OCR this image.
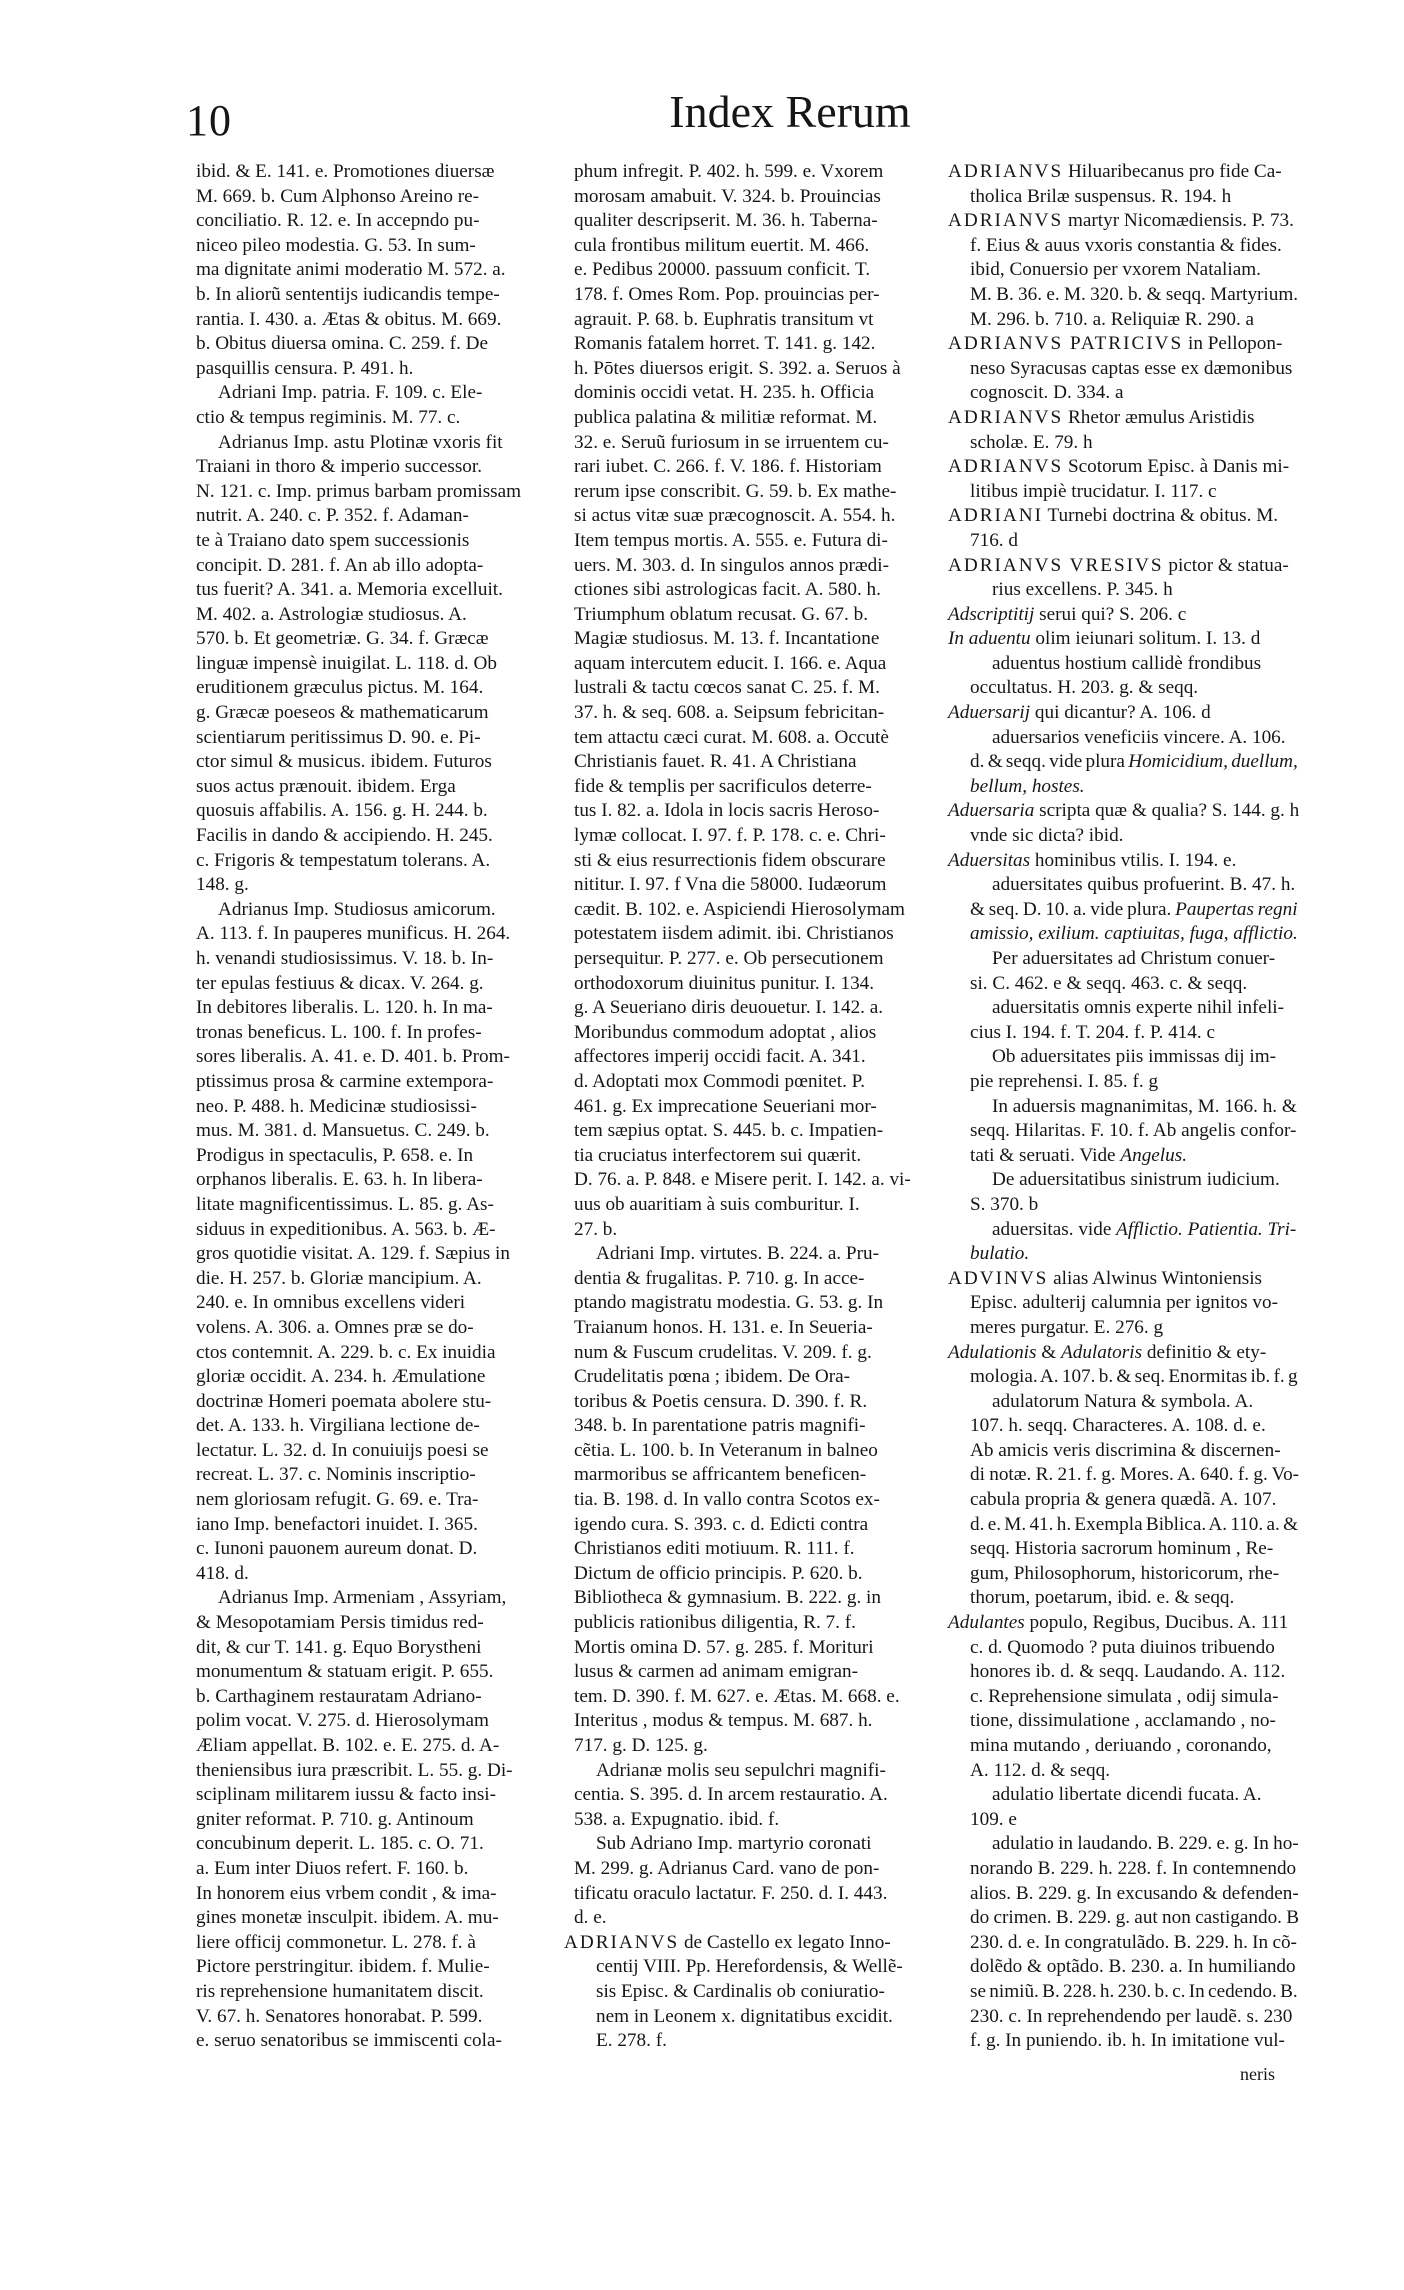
10	Index Rerum
ibid. & E. 141. e. Promotiones diuersæ
M. 669. b. Cum Alphonso Areino re-
conciliatio. R. 12. e. In accepndo pu-
niceo pileo modestia. G. 53. In sum-
ma dignitate animi moderatio M. 572. a.
b. In aliorũ sententijs iudicandis tempe-
rantia. I. 430. a. Ætas & obitus. M. 669.
b. Obitus diuersa omina. C. 259. f. De
pasquillis censura. P. 491. h.
Adriani Imp. patria. F. 109. c. Ele-
ctio & tempus regiminis. M. 77. c.
Adrianus Imp. astu Plotinæ vxoris fit
Traiani in thoro & imperio successor.
N. 121. c. Imp. primus barbam promissam
nutrit. A. 240. c. P. 352. f. Adaman-
te à Traiano dato spem successionis
concipit. D. 281. f. An ab illo adopta-
tus fuerit? A. 341. a. Memoria excelluit.
M. 402. a. Astrologiæ studiosus. A.
570. b. Et geometriæ. G. 34. f. Græcæ
linguæ impensè inuigilat. L. 118. d. Ob
eruditionem græculus pictus. M. 164.
g. Græcæ poeseos & mathematicarum
scientiarum peritissimus D. 90. e. Pi-
ctor simul & musicus. ibidem. Futuros
suos actus prænouit. ibidem. Erga
quosuis affabilis. A. 156. g. H. 244. b.
Facilis in dando & accipiendo. H. 245.
c. Frigoris & tempestatum tolerans. A.
148. g.
Adrianus Imp. Studiosus amicorum.
A. 113. f. In pauperes munificus. H. 264.
h. venandi studiosissimus. V. 18. b. In-
ter epulas festiuus & dicax. V. 264. g.
In debitores liberalis. L. 120. h. In ma-
tronas beneficus. L. 100. f. In profes-
sores liberalis. A. 41. e. D. 401. b. Prom-
ptissimus prosa & carmine extempora-
neo. P. 488. h. Medicinæ studiosissi-
mus. M. 381. d. Mansuetus. C. 249. b.
Prodigus in spectaculis, P. 658. e. In
orphanos liberalis. E. 63. h. In libera-
litate magnificentissimus. L. 85. g. As-
siduus in expeditionibus. A. 563. b. Æ-
gros quotidie visitat. A. 129. f. Sæpius in
die. H. 257. b. Gloriæ mancipium. A.
240. e. In omnibus excellens videri
volens. A. 306. a. Omnes præ se do-
ctos contemnit. A. 229. b. c. Ex inuidia
gloriæ occidit. A. 234. h. Æmulatione
doctrinæ Homeri poemata abolere stu-
det. A. 133. h. Virgiliana lectione de-
lectatur. L. 32. d. In conuiuijs poesi se
recreat. L. 37. c. Nominis inscriptio-
nem gloriosam refugit. G. 69. e. Tra-
iano Imp. benefactori inuidet. I. 365.
c. Iunoni pauonem aureum donat. D.
418. d.
Adrianus Imp. Armeniam , Assyriam,
& Mesopotamiam Persis timidus red-
dit, & cur T. 141. g. Equo Borystheni
monumentum & statuam erigit. P. 655.
b. Carthaginem restauratam Adriano-
polim vocat. V. 275. d. Hierosolymam
Æliam appellat. B. 102. e. E. 275. d. A-
theniensibus iura præscribit. L. 55. g. Di-
sciplinam militarem iussu & facto insi-
gniter reformat. P. 710. g. Antinoum
concubinum deperit. L. 185. c. O. 71.
a. Eum inter Diuos refert. F. 160. b.
In honorem eius vrbem condit , & ima-
gines monetæ insculpit. ibidem. A. mu-
liere officij commonetur. L. 278. f. à
Pictore perstringitur. ibidem. f. Mulie-
ris reprehensione humanitatem discit.
V. 67. h. Senatores honorabat. P. 599.
e. seruo senatoribus se immiscenti cola-
phum infregit. P. 402. h. 599. e. Vxorem
morosam amabuit. V. 324. b. Prouincias
qualiter descripserit. M. 36. h. Taberna-
cula frontibus militum euertit. M. 466.
e. Pedibus 20000. passuum conficit. T.
178. f. Omes Rom. Pop. prouincias per-
agrauit. P. 68. b. Euphratis transitum vt
Romanis fatalem horret. T. 141. g. 142.
h. Pōtes diuersos erigit. S. 392. a. Seruos à
dominis occidi vetat. H. 235. h. Officia
publica palatina & militiæ reformat. M.
32. e. Seruũ furiosum in se irruentem cu-
rari iubet. C. 266. f. V. 186. f. Historiam
rerum ipse conscribit. G. 59. b. Ex mathe-
si actus vitæ suæ præcognoscit. A. 554. h.
Item tempus mortis. A. 555. e. Futura di-
uers. M. 303. d. In singulos annos prædi-
ctiones sibi astrologicas facit. A. 580. h.
Triumphum oblatum recusat. G. 67. b.
Magiæ studiosus. M. 13. f. Incantatione
aquam intercutem educit. I. 166. e. Aqua
lustrali & tactu cœcos sanat C. 25. f. M.
37. h. & seq. 608. a. Seipsum febricitan-
tem attactu cæci curat. M. 608. a. Occutè
Christianis fauet. R. 41. A Christiana
fide & templis per sacrificulos deterre-
tus I. 82. a. Idola in locis sacris Heroso-
lymæ collocat. I. 97. f. P. 178. c. e. Chri-
sti & eius resurrectionis fidem obscurare
nititur. I. 97. f Vna die 58000. Iudæorum
cædit. B. 102. e. Aspiciendi Hierosolymam
potestatem iisdem adimit. ibi. Christianos
persequitur. P. 277. e. Ob persecutionem
orthodoxorum diuinitus punitur. I. 134.
g. A Seueriano diris deuouetur. I. 142. a.
Moribundus commodum adoptat , alios
affectores imperij occidi facit. A. 341.
d. Adoptati mox Commodi pœnitet. P.
461. g. Ex imprecatione Seueriani mor-
tem sæpius optat. S. 445. b. c. Impatien-
tia cruciatus interfectorem sui quærit.
D. 76. a. P. 848. e Misere perit. I. 142. a. vi-
uus ob auaritiam à suis comburitur. I.
27. b.
Adriani Imp. virtutes. B. 224. a. Pru-
dentia & frugalitas. P. 710. g. In acce-
ptando magistratu modestia. G. 53. g. In
Traianum honos. H. 131. e. In Seueria-
num & Fuscum crudelitas. V. 209. f. g.
Crudelitatis pœna ; ibidem. De Ora-
toribus & Poetis censura. D. 390. f. R.
348. b. In parentatione patris magnifi-
cẽtia. L. 100. b. In Veteranum in balneo
marmoribus se affricantem beneficen-
tia. B. 198. d. In vallo contra Scotos ex-
igendo cura. S. 393. c. d. Edicti contra
Christianos editi motiuum. R. 111. f.
Dictum de officio principis. P. 620. b.
Bibliotheca & gymnasium. B. 222. g. in
publicis rationibus diligentia, R. 7. f.
Mortis omina D. 57. g. 285. f. Morituri
lusus & carmen ad animam emigran-
tem. D. 390. f. M. 627. e. Ætas. M. 668. e.
Interitus , modus & tempus. M. 687. h.
717. g. D. 125. g.
Adrianæ molis seu sepulchri magnifi-
centia. S. 395. d. In arcem restauratio. A.
538. a. Expugnatio. ibid. f.
Sub Adriano Imp. martyrio coronati
M. 299. g. Adrianus Card. vano de pon-
tificatu oraculo lactatur. F. 250. d. I. 443.
d. e.
ADRIANVS de Castello ex legato Inno-
centij VIII. Pp. Herefordensis, & Wellẽ-
sis Episc. & Cardinalis ob coniuratio-
nem in Leonem x. dignitatibus excidit.
E. 278. f.
ADRIANVS Hiluaribecanus pro fide Ca-
tholica Brilæ suspensus. R. 194. h
ADRIANVS martyr Nicomædiensis. P. 73.
f. Eius & auus vxoris constantia & fides.
ibid, Conuersio per vxorem Nataliam.
M. B. 36. e. M. 320. b. & seqq. Martyrium.
M. 296. b. 710. a. Reliquiæ R. 290. a
ADRIANVS PATRICIVS in Pellopon-
neso Syracusas captas esse ex dæmonibus
cognoscit. D. 334. a
ADRIANVS Rhetor æmulus Aristidis
scholæ. E. 79. h
ADRIANVS Scotorum Episc. à Danis mi-
litibus impiè trucidatur. I. 117. c
ADRIANI Turnebi doctrina & obitus. M.
716. d
ADRIANVS VRESIVS pictor & statua-
rius excellens. P. 345. h
Adscriptitij serui qui? S. 206. c
In aduentu olim ieiunari solitum. I. 13. d
aduentus hostium callidè frondibus
occultatus. H. 203. g. & seqq.
Aduersarij qui dicantur? A. 106. d
aduersarios veneficiis vincere. A. 106.
d. & seqq. vide plura Homicidium, duellum,
bellum, hostes.
Aduersaria scripta quæ & qualia? S. 144. g. h
vnde sic dicta? ibid.
Aduersitas hominibus vtilis. I. 194. e.
aduersitates quibus profuerint. B. 47. h.
& seq. D. 10. a. vide plura. Paupertas regni
amissio, exilium. captiuitas, fuga, afflictio.
Per aduersitates ad Christum conuer-
si. C. 462. e & seqq. 463. c. & seqq.
aduersitatis omnis experte nihil infeli-
cius I. 194. f. T. 204. f. P. 414. c
Ob aduersitates piis immissas dij im-
pie reprehensi. I. 85. f. g
In aduersis magnanimitas, M. 166. h. &
seqq. Hilaritas. F. 10. f. Ab angelis confor-
tati & seruati. Vide Angelus.
De aduersitatibus sinistrum iudicium.
S. 370. b
aduersitas. vide Afflictio. Patientia. Tri-
bulatio.
ADVINVS alias Alwinus Wintoniensis
Episc. adulterij calumnia per ignitos vo-
meres purgatur. E. 276. g
Adulationis & Adulatoris definitio & ety-
mologia. A. 107. b. & seq. Enormitas ib. f. g
adulatorum Natura & symbola. A.
107. h. seqq. Characteres. A. 108. d. e.
Ab amicis veris discrimina & discernen-
di notæ. R. 21. f. g. Mores. A. 640. f. g. Vo-
cabula propria & genera quædã. A. 107.
d. e. M. 41. h. Exempla Biblica. A. 110. a. &
seqq. Historia sacrorum hominum , Re-
gum, Philosophorum, historicorum, rhe-
thorum, poetarum, ibid. e. & seqq.
Adulantes populo, Regibus, Ducibus. A. 111
c. d. Quomodo ? puta diuinos tribuendo
honores ib. d. & seqq. Laudando. A. 112.
c. Reprehensione simulata , odij simula-
tione, dissimulatione , acclamando , no-
mina mutando , deriuando , coronando,
A. 112. d. & seqq.
adulatio libertate dicendi fucata. A.
109. e
adulatio in laudando. B. 229. e. g. In ho-
norando B. 229. h. 228. f. In contemnendo
alios. B. 229. g. In excusando & defenden-
do crimen. B. 229. g. aut non castigando. B
230. d. e. In congratulãdo. B. 229. h. In cõ-
dolẽdo & optãdo. B. 230. a. In humiliando
se nimiũ. B. 228. h. 230. b. c. In cedendo. B.
230. c. In reprehendendo per laudẽ. s. 230
f. g. In puniendo. ib. h. In imitatione vul-
neris
